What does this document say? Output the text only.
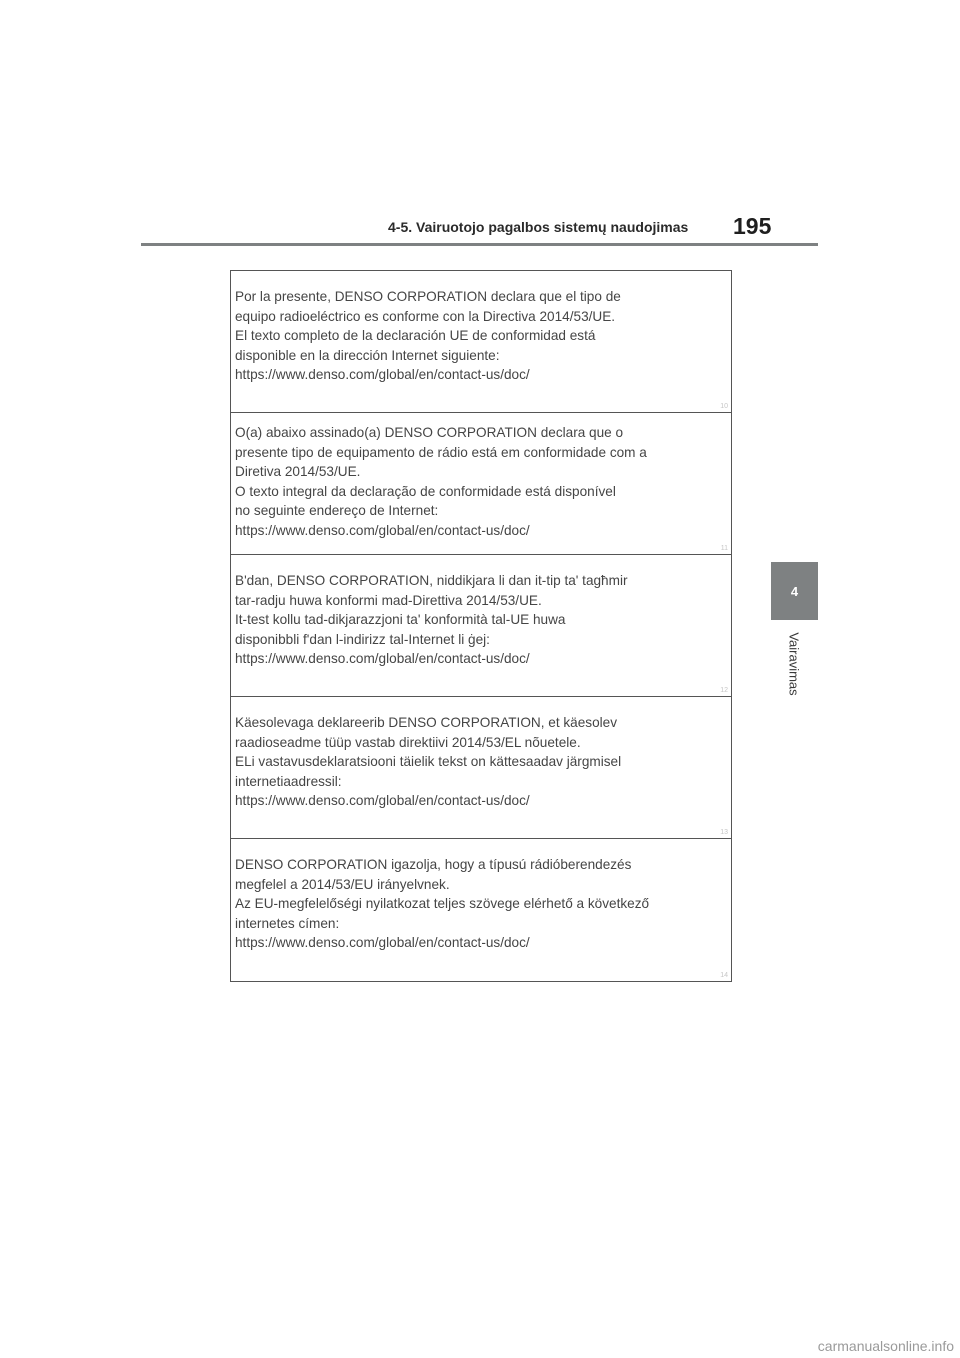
4-5. Vairuotojo pagalbos sistemų naudojimas 195
4
Vairavimas
Por la presente, DENSO CORPORATION declara que el tipo de
equipo radioeléctrico es conforme con la Directiva 2014/53/UE.
El texto completo de la declaración UE de conformidad está
disponible en la dirección Internet siguiente:
https://www.denso.com/global/en/contact-us/doc/
10
O(a) abaixo assinado(a) DENSO CORPORATION declara que o
presente tipo de equipamento de rádio está em conformidade com a
Diretiva 2014/53/UE.
O texto integral da declaração de conformidade está disponível
no seguinte endereço de Internet:
https://www.denso.com/global/en/contact-us/doc/
11
B'dan, DENSO CORPORATION, niddikjara li dan it-tip ta' tagħmir
tar-radju huwa konformi mad-Direttiva 2014/53/UE.
It-test kollu tad-dikjarazzjoni ta' konformità tal-UE huwa
disponibbli f'dan l-indirizz tal-Internet li ġej:
https://www.denso.com/global/en/contact-us/doc/
12
Käesolevaga deklareerib DENSO CORPORATION, et käesolev
raadioseadme tüüp vastab direktiivi 2014/53/EL nõuetele.
ELi vastavusdeklaratsiooni täielik tekst on kättesaadav järgmisel
internetiaadressil:
https://www.denso.com/global/en/contact-us/doc/
13
DENSO CORPORATION igazolja, hogy a típusú rádióberendezés
megfelel a 2014/53/EU irányelvnek.
Az EU-megfelelőségi nyilatkozat teljes szövege elérhető a következő
internetes címen:
https://www.denso.com/global/en/contact-us/doc/
14
carmanualsonline.info
